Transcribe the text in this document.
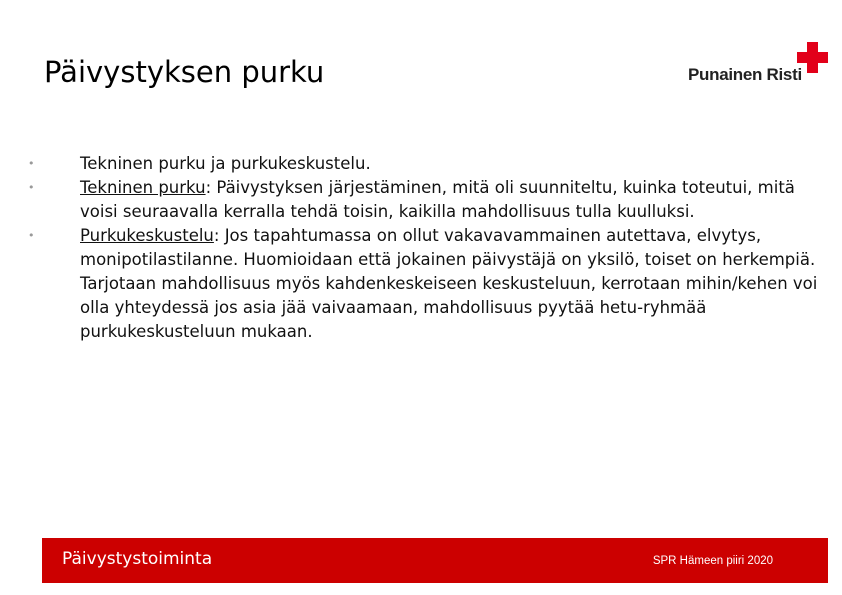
Päivystyksen purku	Punainen Risti
•	Tekninen purku ja purkukeskustelu.
•	Tekninen purku: Päivystyksen järjestäminen, mitä oli suunniteltu, kuinka toteutui, mitä voisi seuraavalla kerralla tehdä toisin, kaikilla mahdollisuus tulla kuulluksi.
•	Purkukeskustelu: Jos tapahtumassa on ollut vakavavammainen autettava, elvytys, monipotilastilanne. Huomioidaan että jokainen päivystäjä on yksilö, toiset on herkempiä. Tarjotaan mahdollisuus myös kahdenkeskeiseen keskusteluun, kerrotaan mihin/kehen voi olla yhteydessä jos asia jää vaivaamaan, mahdollisuus pyytää hetu-ryhmää purkukeskusteluun mukaan.
Päivystystoiminta	SPR Hämeen piiri 2020
